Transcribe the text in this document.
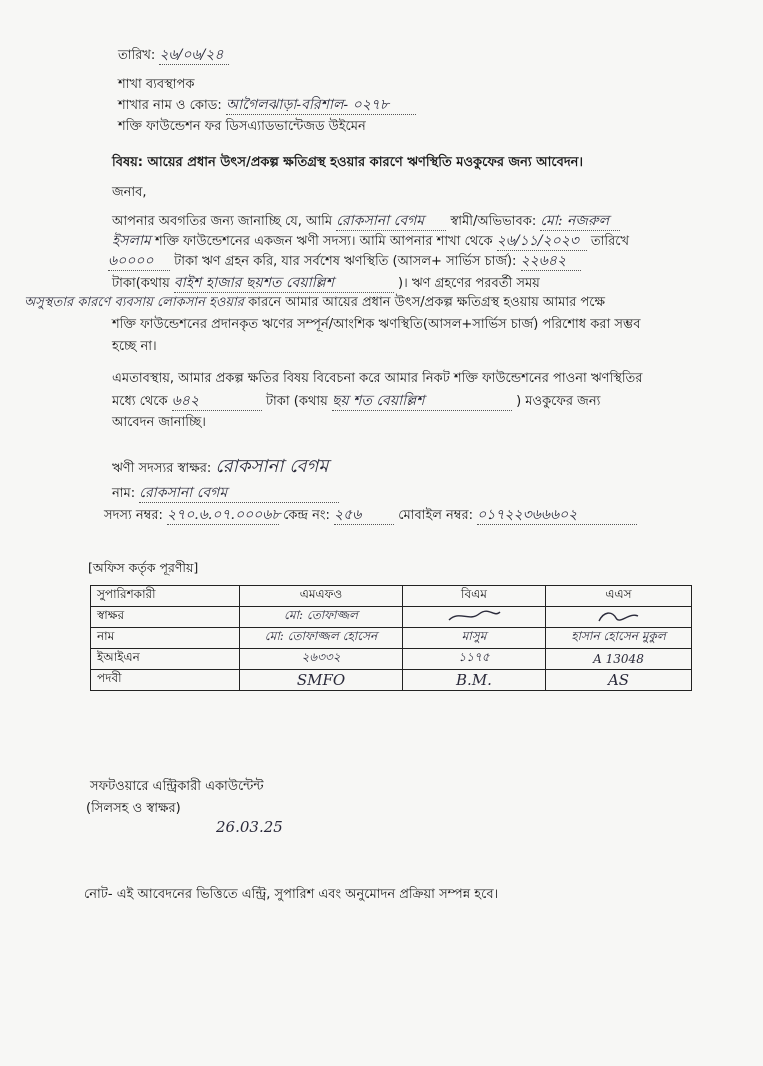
তারিখ: ২৬/০৬/২৪
শাখা ব্যবস্থাপক
শাখার নাম ও কোড: আগৈলঝাড়া-বরিশাল- ০২৭৮
শক্তি ফাউন্ডেশন ফর ডিসএ্যাডভান্টেজড উইমেন
বিষয়: আয়ের প্রধান উৎস/প্রকল্প ক্ষতিগ্রস্থ হওয়ার কারণে ঋণস্থিতি মওকুফের জন্য আবেদন।
জনাব,
আপনার অবগতির জন্য জানাচ্ছি যে, আমি রোকসানা বেগম স্বামী/অভিভাবক: মো: নজরুল
ইসলাম শক্তি ফাউন্ডেশনের একজন ঋণী সদস্য। আমি আপনার শাখা থেকে ২৬/১১/২০২৩ তারিখে
৬০০০০ টাকা ঋণ গ্রহন করি, যার সর্বশেষ ঋণস্থিতি (আসল+ সার্ভিস চার্জ): ২২৬৪২
টাকা(কথায় বাইশ হাজার ছয়শত বেয়াল্লিশ	)। ঋণ গ্রহণের পরবর্তী সময়
অসুস্থতার কারণে ব্যবসায় লোকসান হওয়ার কারনে আমার আয়ের প্রধান উৎস/প্রকল্প ক্ষতিগ্রস্থ হওয়ায় আমার পক্ষে
শক্তি ফাউন্ডেশনের প্রদানকৃত ঋণের সম্পূর্ন/আংশিক ঋণস্থিতি(আসল+সার্ভিস চার্জ) পরিশোধ করা সম্ভব
হচ্ছে না।
এমতাবস্থায়, আমার প্রকল্প ক্ষতির বিষয় বিবেচনা করে আমার নিকট শক্তি ফাউন্ডেশনের পাওনা ঋণস্থিতির
মধ্যে থেকে ৬৪২	টাকা (কথায় ছয় শত বেয়াল্লিশ	) মওকুফের জন্য
আবেদন জানাচ্ছি।
ঋণী সদস্যর স্বাক্ষর: রোকসানা বেগম
নাম: রোকসানা বেগম
সদস্য নম্বর: ২৭০.৬.০৭.০০০৬৮ কেন্দ্র নং: ২৫৬	মোবাইল নম্বর: ০১৭২২৩৬৬৬০২
[অফিস কর্তৃক পূরণীয়]
সুপারিশকারী	এমএফও	বিএম	এএস
স্বাক্ষর	মো: তোফাজ্জল		
নাম	মো: তোফাজ্জল হোসেন	মাসুম	হাসান হোসেন মুকুল
ইআইএন	২৬৩৩২	১১৭৫	A 13048
পদবী	SMFO	B.M.	AS
সফটওয়ারে এন্ট্রিকারী একাউন্টেন্ট
(সিলসহ ও স্বাক্ষর)
26.03.25
নোট- এই আবেদনের ভিত্তিতে এন্ট্রি, সুপারিশ এবং অনুমোদন প্রক্রিয়া সম্পন্ন হবে।
